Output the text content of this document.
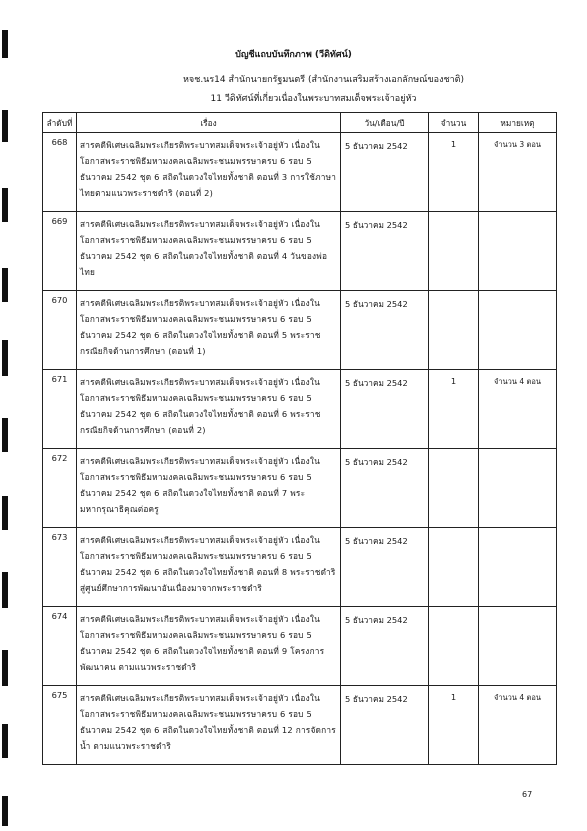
บัญชีแถบบันทึกภาพ (วีดิทัศน์)
หจช.นร14 สำนักนายกรัฐมนตรี (สำนักงานเสริมสร้างเอกลักษณ์ของชาติ)
11 วีดิทัศน์ที่เกี่ยวเนื่องในพระบาทสมเด็จพระเจ้าอยู่หัว
ลำดับที่	เรื่อง	วัน/เดือน/ปี	จำนวน	หมายเหตุ
668	สารคดีพิเศษเฉลิมพระเกียรติพระบาทสมเด็จพระเจ้าอยู่หัว เนื่องในโอกาสพระราชพิธีมหามงคลเฉลิมพระชนมพรรษาครบ 6 รอบ 5 ธันวาคม 2542 ชุด 6 สถิตในดวงใจไทยทั้งชาติ ตอนที่ 3 การใช้ภาษาไทยตามแนวพระราชดำริ (ตอนที่ 2)	5 ธันวาคม 2542	1	จำนวน 3 ตอน
669	สารคดีพิเศษเฉลิมพระเกียรติพระบาทสมเด็จพระเจ้าอยู่หัว เนื่องในโอกาสพระราชพิธีมหามงคลเฉลิมพระชนมพรรษาครบ 6 รอบ 5 ธันวาคม 2542 ชุด 6 สถิตในดวงใจไทยทั้งชาติ ตอนที่ 4 วันของพ่อไทย	5 ธันวาคม 2542		
670	สารคดีพิเศษเฉลิมพระเกียรติพระบาทสมเด็จพระเจ้าอยู่หัว เนื่องในโอกาสพระราชพิธีมหามงคลเฉลิมพระชนมพรรษาครบ 6 รอบ 5 ธันวาคม 2542 ชุด 6 สถิตในดวงใจไทยทั้งชาติ ตอนที่ 5 พระราชกรณียกิจด้านการศึกษา (ตอนที่ 1)	5 ธันวาคม 2542		
671	สารคดีพิเศษเฉลิมพระเกียรติพระบาทสมเด็จพระเจ้าอยู่หัว เนื่องในโอกาสพระราชพิธีมหามงคลเฉลิมพระชนมพรรษาครบ 6 รอบ 5 ธันวาคม 2542 ชุด 6 สถิตในดวงใจไทยทั้งชาติ ตอนที่ 6 พระราชกรณียกิจด้านการศึกษา (ตอนที่ 2)	5 ธันวาคม 2542	1	จำนวน 4 ตอน
672	สารคดีพิเศษเฉลิมพระเกียรติพระบาทสมเด็จพระเจ้าอยู่หัว เนื่องในโอกาสพระราชพิธีมหามงคลเฉลิมพระชนมพรรษาครบ 6 รอบ 5 ธันวาคม 2542 ชุด 6 สถิตในดวงใจไทยทั้งชาติ ตอนที่ 7 พระมหากรุณาธิคุณต่อครู	5 ธันวาคม 2542		
673	สารคดีพิเศษเฉลิมพระเกียรติพระบาทสมเด็จพระเจ้าอยู่หัว เนื่องในโอกาสพระราชพิธีมหามงคลเฉลิมพระชนมพรรษาครบ 6 รอบ 5 ธันวาคม 2542 ชุด 6 สถิตในดวงใจไทยทั้งชาติ ตอนที่ 8 พระราชดำริสู่ศูนย์ศึกษาการพัฒนาอันเนื่องมาจากพระราชดำริ	5 ธันวาคม 2542		
674	สารคดีพิเศษเฉลิมพระเกียรติพระบาทสมเด็จพระเจ้าอยู่หัว เนื่องในโอกาสพระราชพิธีมหามงคลเฉลิมพระชนมพรรษาครบ 6 รอบ 5 ธันวาคม 2542 ชุด 6 สถิตในดวงใจไทยทั้งชาติ ตอนที่ 9 โครงการพัฒนาคน ตามแนวพระราชดำริ	5 ธันวาคม 2542		
675	สารคดีพิเศษเฉลิมพระเกียรติพระบาทสมเด็จพระเจ้าอยู่หัว เนื่องในโอกาสพระราชพิธีมหามงคลเฉลิมพระชนมพรรษาครบ 6 รอบ 5 ธันวาคม 2542 ชุด 6 สถิตในดวงใจไทยทั้งชาติ ตอนที่ 12 การจัดการน้ำ ตามแนวพระราชดำริ	5 ธันวาคม 2542	1	จำนวน 4 ตอน
67
